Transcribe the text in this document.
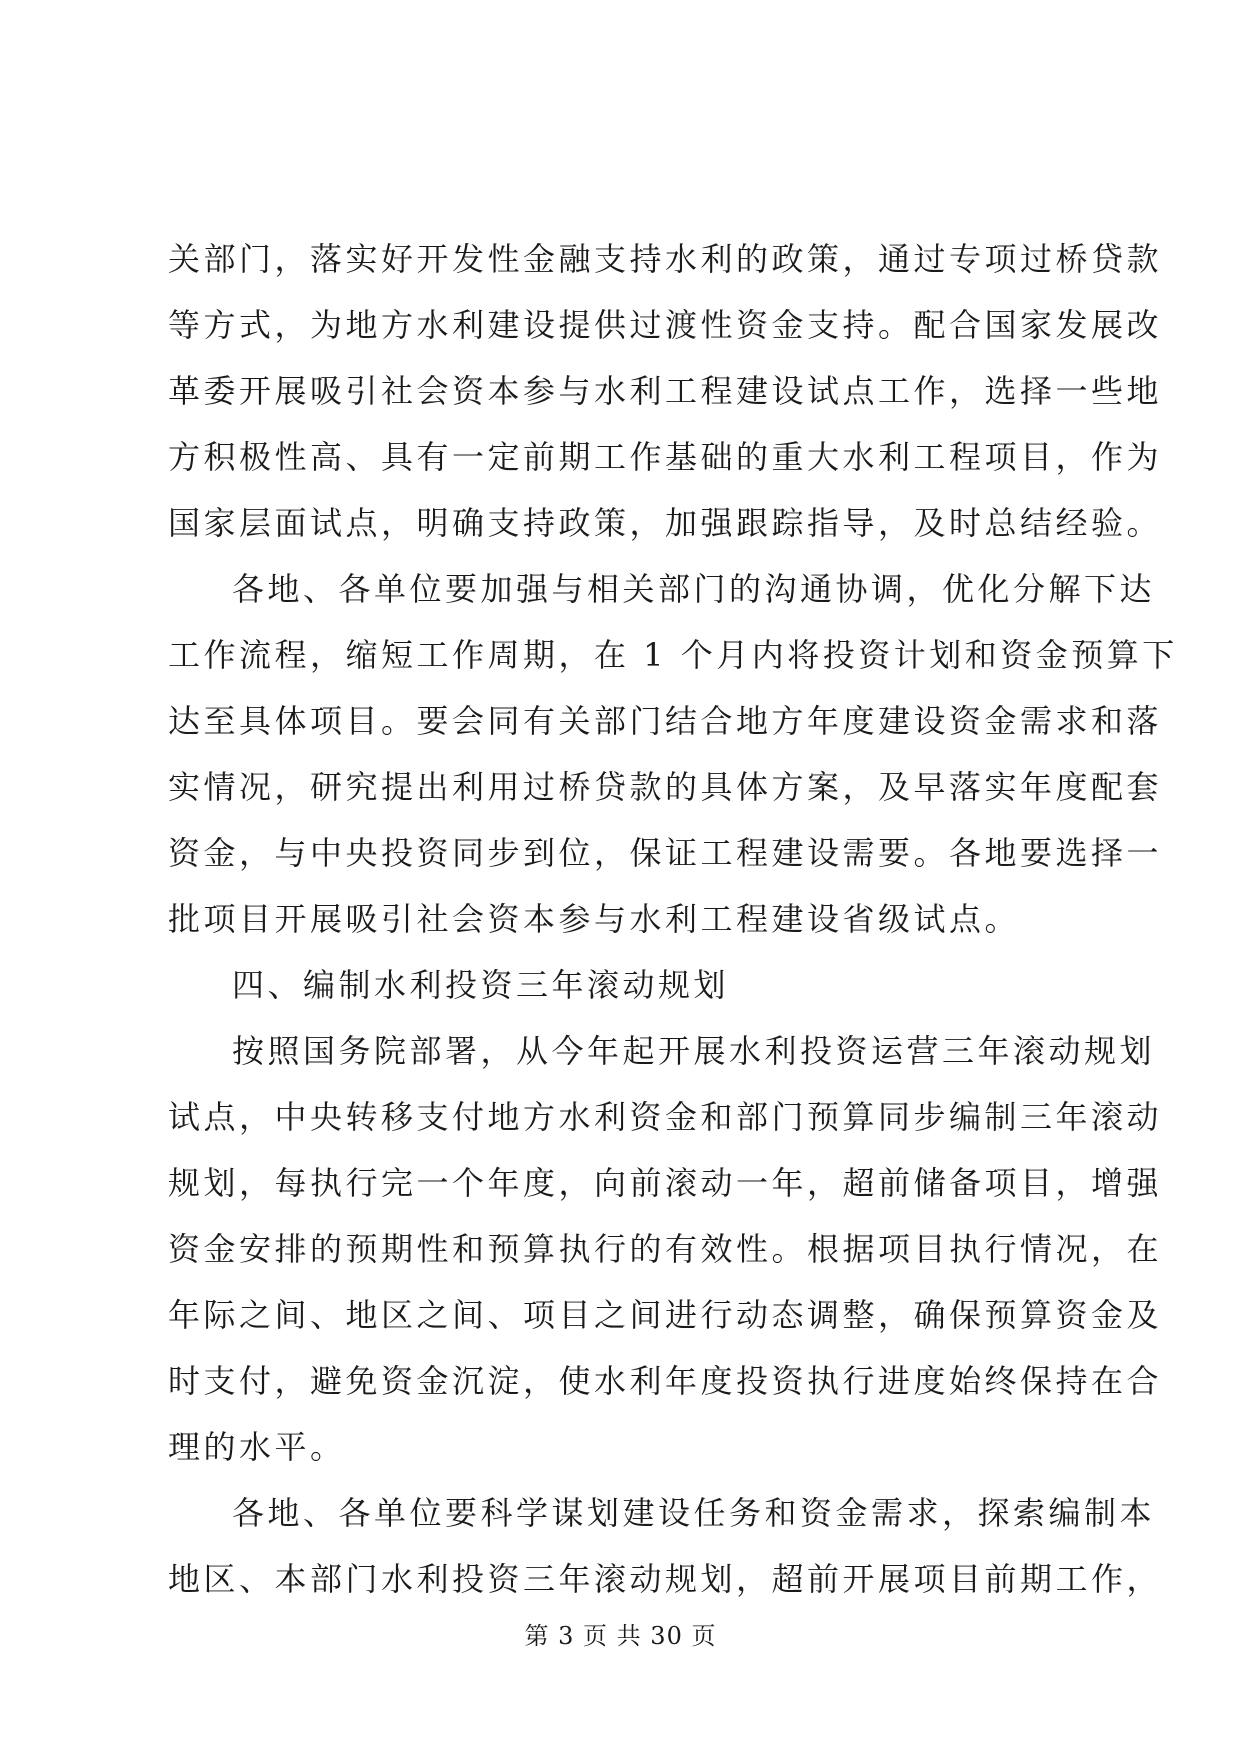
关部门，落实好开发性金融支持水利的政策，通过专项过桥贷款
等方式，为地方水利建设提供过渡性资金支持。配合国家发展改
革委开展吸引社会资本参与水利工程建设试点工作，选择一些地
方积极性高、具有一定前期工作基础的重大水利工程项目，作为
国家层面试点，明确支持政策，加强跟踪指导，及时总结经验。
各地、各单位要加强与相关部门的沟通协调，优化分解下达
工作流程，缩短工作周期，在 1 个月内将投资计划和资金预算下
达至具体项目。要会同有关部门结合地方年度建设资金需求和落
实情况，研究提出利用过桥贷款的具体方案，及早落实年度配套
资金，与中央投资同步到位，保证工程建设需要。各地要选择一
批项目开展吸引社会资本参与水利工程建设省级试点。
四、编制水利投资三年滚动规划
按照国务院部署，从今年起开展水利投资运营三年滚动规划
试点，中央转移支付地方水利资金和部门预算同步编制三年滚动
规划，每执行完一个年度，向前滚动一年，超前储备项目，增强
资金安排的预期性和预算执行的有效性。根据项目执行情况，在
年际之间、地区之间、项目之间进行动态调整，确保预算资金及
时支付，避免资金沉淀，使水利年度投资执行进度始终保持在合
理的水平。
各地、各单位要科学谋划建设任务和资金需求，探索编制本
地区、本部门水利投资三年滚动规划，超前开展项目前期工作，
第 3 页 共 30 页
